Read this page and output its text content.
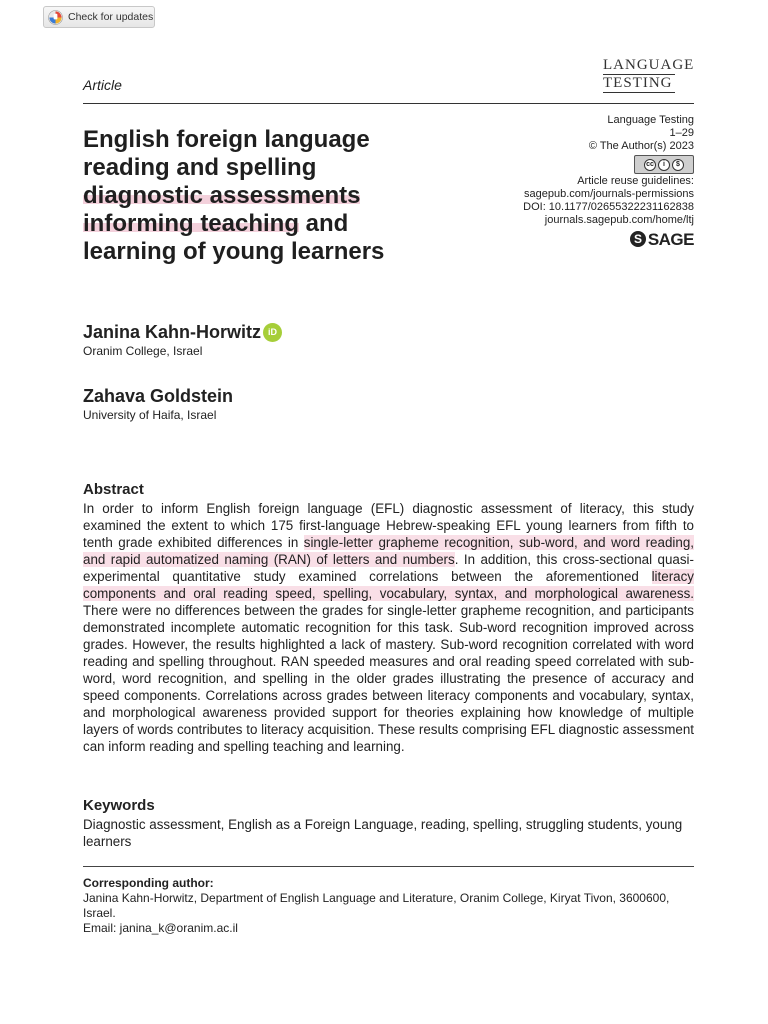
Check for updates
LANGUAGE
TESTING
Article
English foreign language reading and spelling diagnostic assessments informing teaching and learning of young learners
Language Testing
1–29
© The Author(s) 2023
cc	i	$
Article reuse guidelines:
sagepub.com/journals-permissions
DOI: 10.1177/02655322231162838
journals.sagepub.com/home/ltj
S SAGE
Janina Kahn-Horwitz iD
Oranim College, Israel
Zahava Goldstein
University of Haifa, Israel
Abstract

In order to inform English foreign language (EFL) diagnostic assessment of literacy, this study examined the extent to which 175 first-language Hebrew-speaking EFL young learners from fifth to tenth grade exhibited differences in single-letter grapheme recognition, sub-word, and word reading, and rapid automatized naming (RAN) of letters and numbers. In addition, this cross-sectional quasi-experimental quantitative study examined correlations between the aforementioned literacy components and oral reading speed, spelling, vocabulary, syntax, and morphological awareness. There were no differences between the grades for single-letter grapheme recognition, and participants demonstrated incomplete automatic recognition for this task. Sub-word recognition improved across grades. However, the results highlighted a lack of mastery. Sub-word recognition correlated with word reading and spelling throughout. RAN speeded measures and oral reading speed correlated with sub-word, word recognition, and spelling in the older grades illustrating the presence of accuracy and speed components. Correlations across grades between literacy components and vocabulary, syntax, and morphological awareness provided support for theories explaining how knowledge of multiple layers of words contributes to literacy acquisition. These results comprising EFL diagnostic assessment can inform reading and spelling teaching and learning.

Keywords

Diagnostic assessment, English as a Foreign Language, reading, spelling, struggling students, young learners

Corresponding author:
Janina Kahn-Horwitz, Department of English Language and Literature, Oranim College, Kiryat Tivon, 3600600, Israel.
Email: janina_k@oranim.ac.il
